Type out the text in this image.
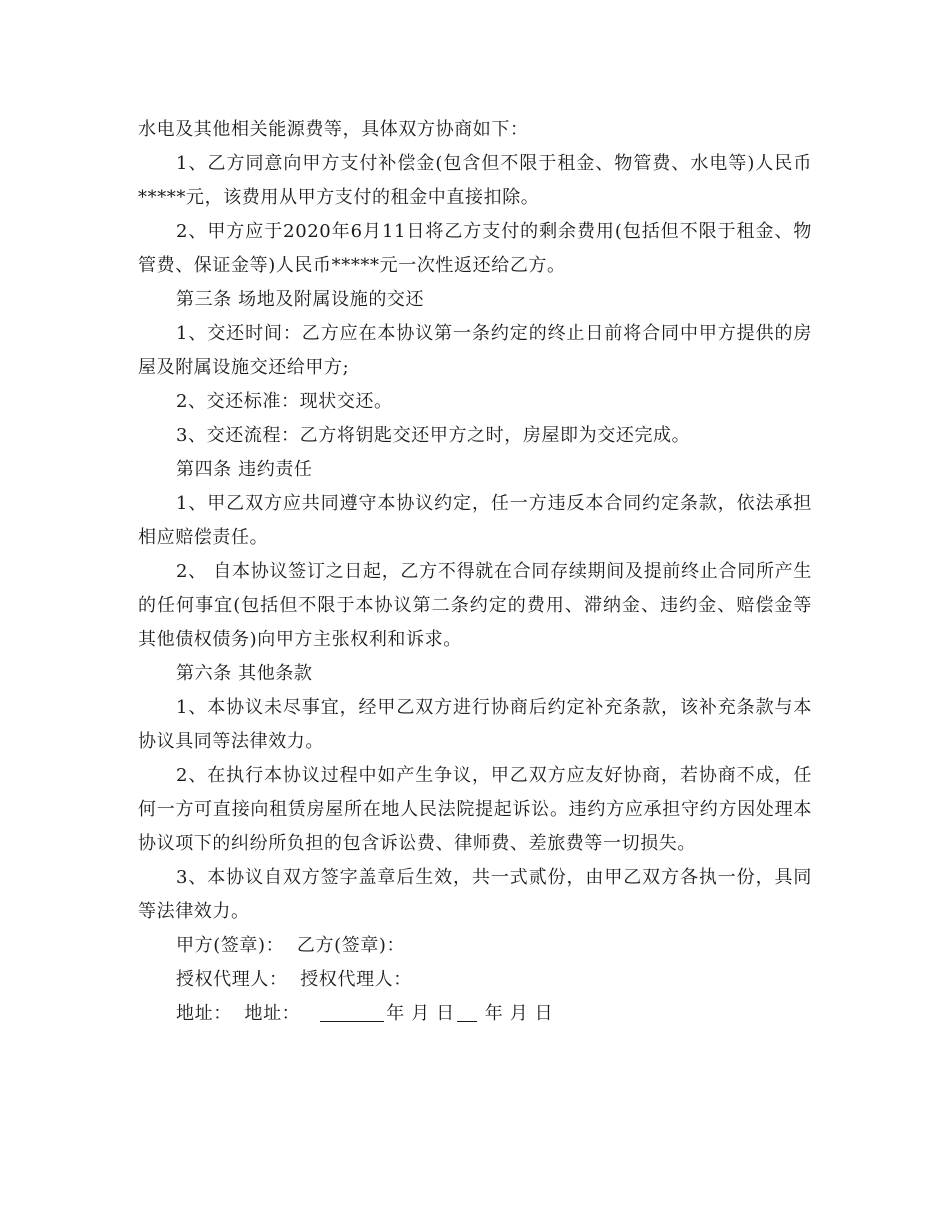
水电及其他相关能源费等，具体双方协商如下：

1、乙方同意向甲方支付补偿金(包含但不限于租金、物管费、水电等)人民币*****元，该费用从甲方支付的租金中直接扣除。

2、甲方应于2020年6月11日将乙方支付的剩余费用(包括但不限于租金、物管费、保证金等)人民币*****元一次性返还给乙方。

第三条 场地及附属设施的交还

1、交还时间：乙方应在本协议第一条约定的终止日前将合同中甲方提供的房屋及附属设施交还给甲方;

2、交还标准：现状交还。

3、交还流程：乙方将钥匙交还甲方之时，房屋即为交还完成。

第四条 违约责任

1、甲乙双方应共同遵守本协议约定，任一方违反本合同约定条款，依法承担相应赔偿责任。

2、 自本协议签订之日起，乙方不得就在合同存续期间及提前终止合同所产生的任何事宜(包括但不限于本协议第二条约定的费用、滞纳金、违约金、赔偿金等其他债权债务)向甲方主张权利和诉求。

第六条 其他条款

1、本协议未尽事宜，经甲乙双方进行协商后约定补充条款，该补充条款与本协议具同等法律效力。

2、在执行本协议过程中如产生争议，甲乙双方应友好协商，若协商不成，任何一方可直接向租赁房屋所在地人民法院提起诉讼。违约方应承担守约方因处理本协议项下的纠纷所负担的包含诉讼费、律师费、差旅费等一切损失。

3、本协议自双方签字盖章后生效，共一式贰份，由甲乙双方各执一份，具同等法律效力。

甲方(签章)： 乙方(签章)：
授权代理人： 授权代理人：
地址： 地址：	年 月 日 年 月 日
